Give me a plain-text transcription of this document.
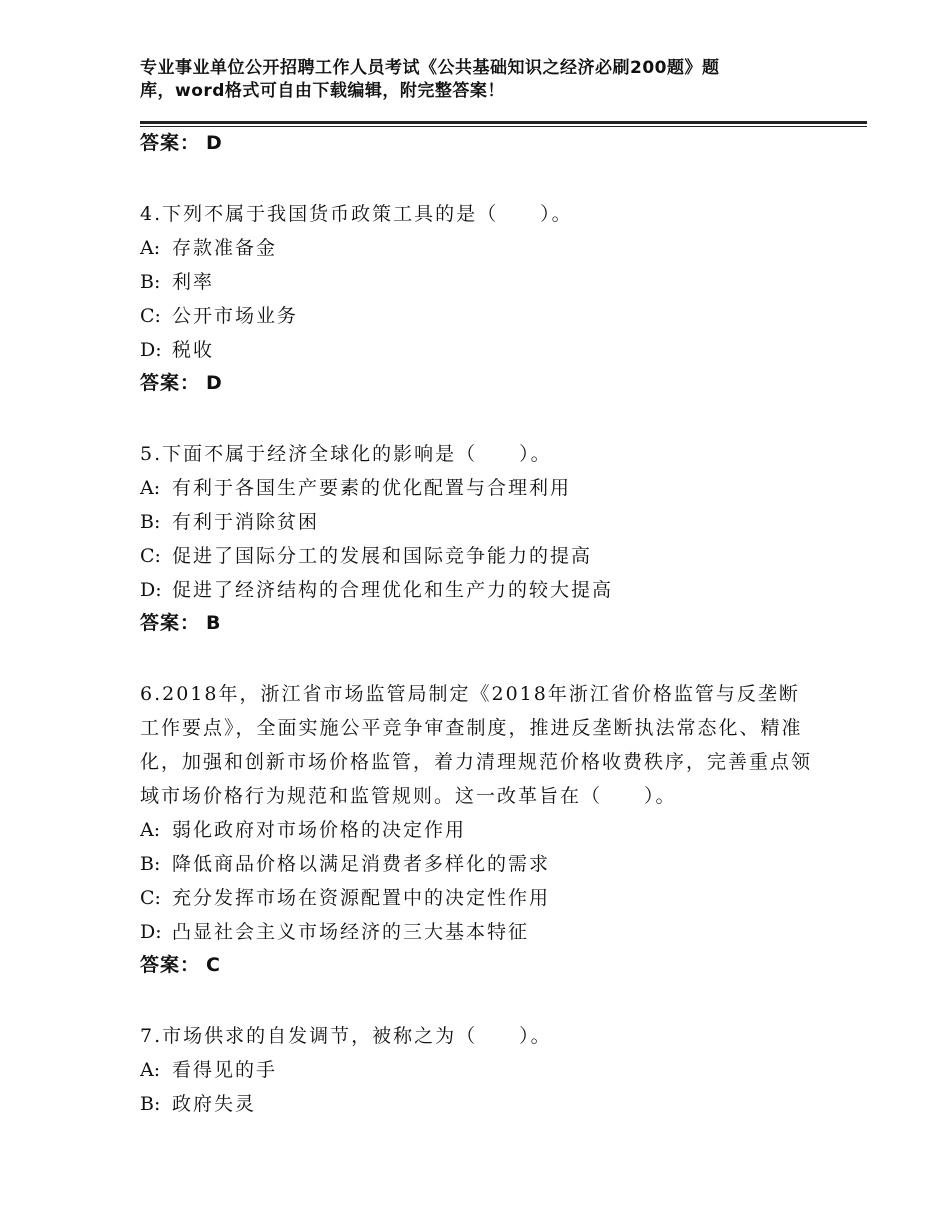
专业事业单位公开招聘工作人员考试《公共基础知识之经济必刷200题》题
库，word格式可自由下载编辑，附完整答案！
答案： D
4.下列不属于我国货币政策工具的是（　　）。
A: 存款准备金
B: 利率
C: 公开市场业务
D: 税收
答案： D
5.下面不属于经济全球化的影响是（　　）。
A: 有利于各国生产要素的优化配置与合理利用
B: 有利于消除贫困
C: 促进了国际分工的发展和国际竞争能力的提高
D: 促进了经济结构的合理优化和生产力的较大提高
答案： B
6.2018年，浙江省市场监管局制定《2018年浙江省价格监管与反垄断工作要点》，全面实施公平竞争审查制度，推进反垄断执法常态化、精准化，加强和创新市场价格监管，着力清理规范价格收费秩序，完善重点领域市场价格行为规范和监管规则。这一改革旨在（　　）。
A: 弱化政府对市场价格的决定作用
B: 降低商品价格以满足消费者多样化的需求
C: 充分发挥市场在资源配置中的决定性作用
D: 凸显社会主义市场经济的三大基本特征
答案： C
7.市场供求的自发调节，被称之为（　　）。
A: 看得见的手
B: 政府失灵
